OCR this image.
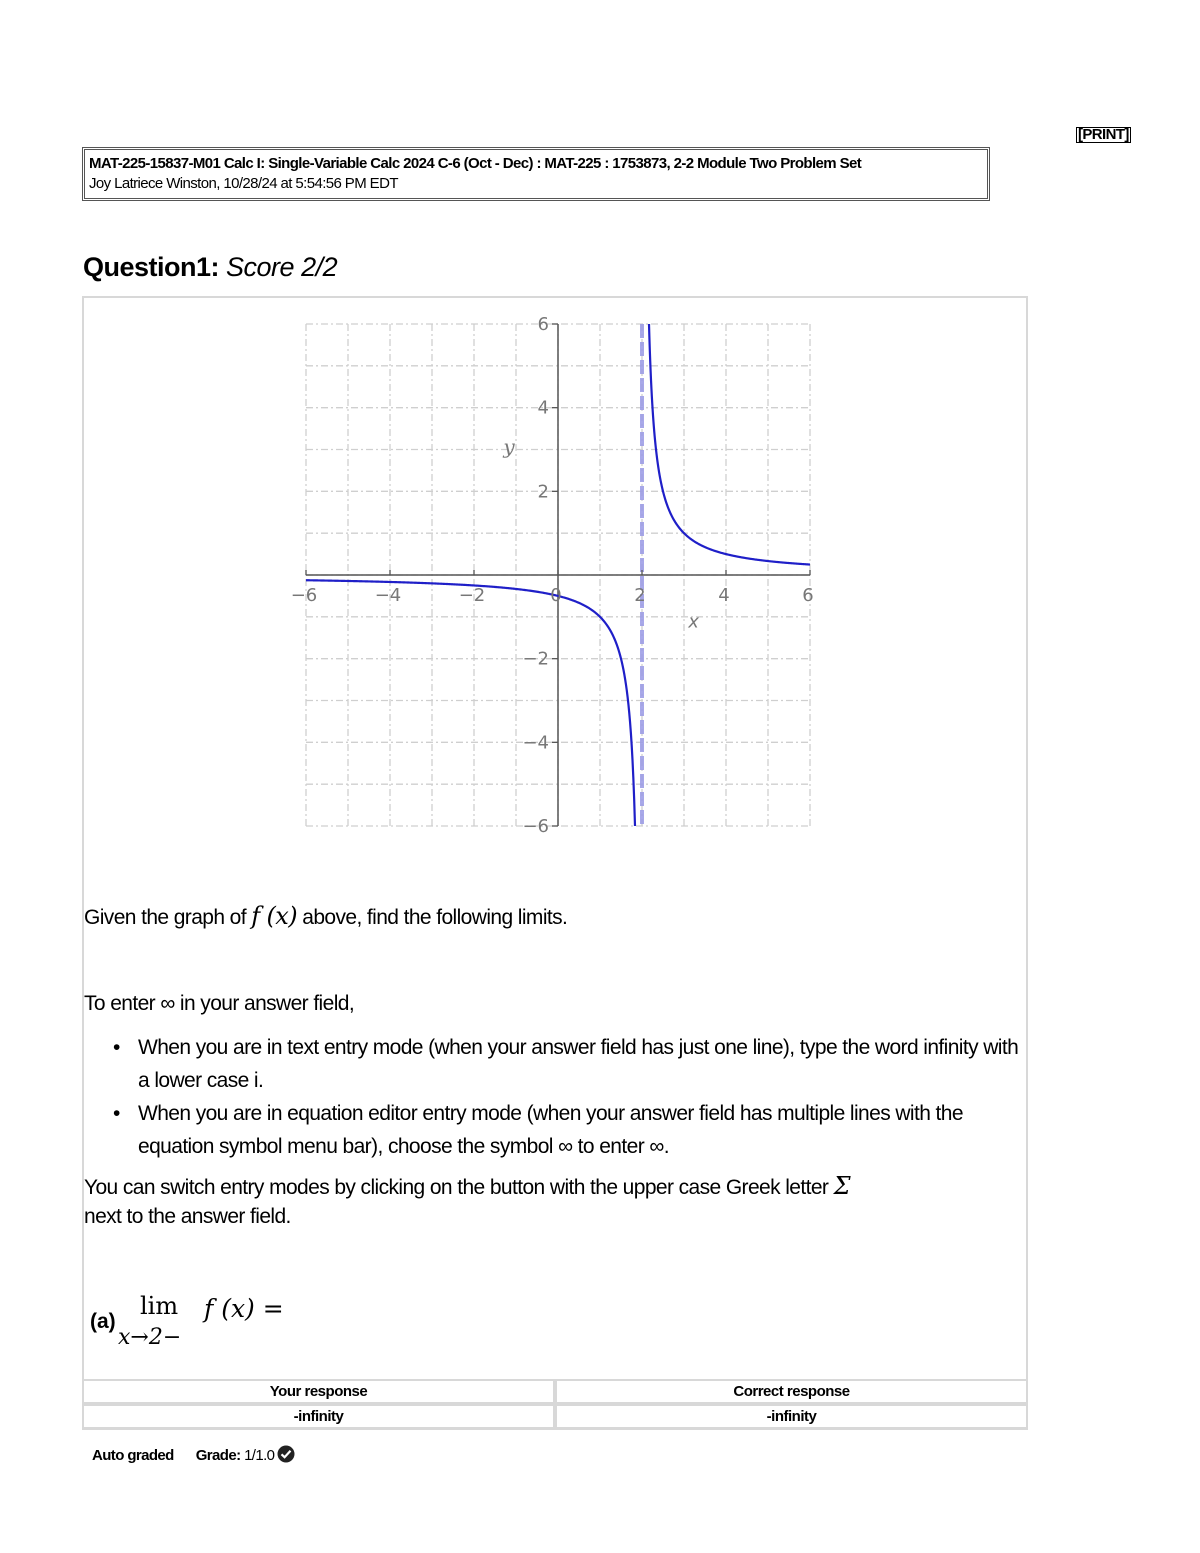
[PRINT]
MAT-225-15837-M01 Calc I: Single-Variable Calc 2024 C-6 (Oct - Dec) : MAT-225 : 1753873, 2-2 Module Two Problem Set
Joy Latriece Winston, 10/28/24 at 5:54:56 PM EDT
Question1: Score 2/2
−6	−4	−2	0	2	4	6
6
4
2
−2
−4
−6
x
y
Given the graph of f (x) above, find the following limits.
To enter ∞ in your answer field,
• When you are in text entry mode (when your answer field has just one line), type the word infinity with a lower case i.
• When you are in equation editor entry mode (when your answer field has multiple lines with the equation symbol menu bar), choose the symbol ∞ to enter ∞.
You can switch entry modes by clicking on the button with the upper case Greek letter Σ
next to the answer field.
(a)
lim
x→2−
f (x) =
Your response	Correct response
-infinity	-infinity
Auto graded Grade: 1/1.0
